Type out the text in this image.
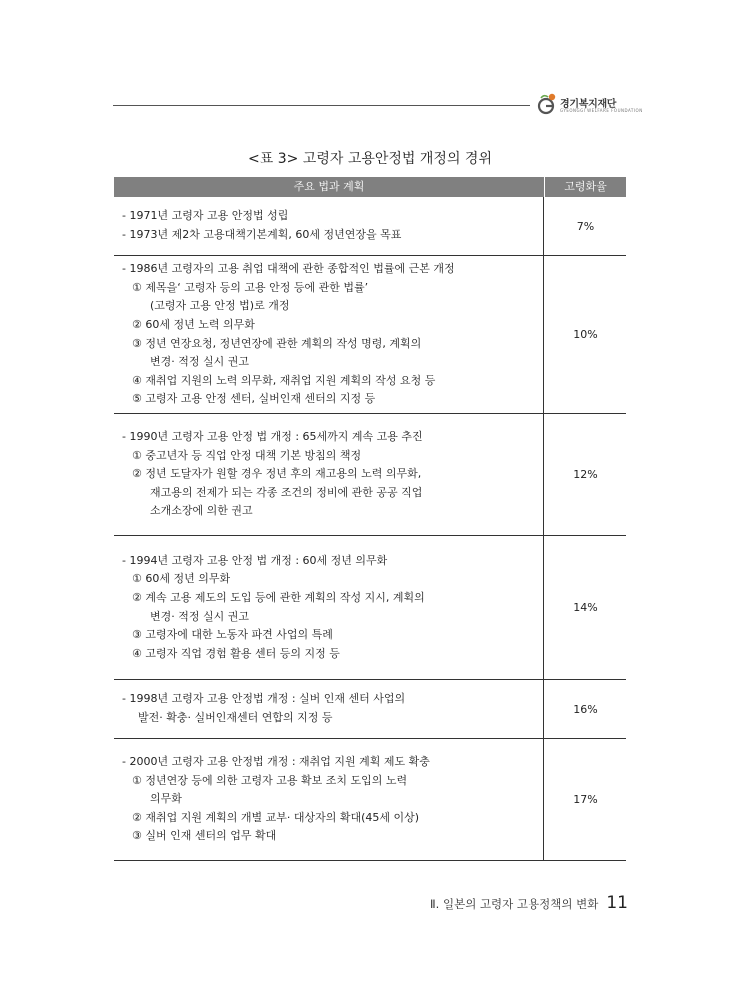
경기복지재단
GYEONGGI WELFARE FOUNDATION
<표 3> 고령자 고용안정법 개정의 경위
주요 법과 계획	고령화율
- 1971년 고령자 고용 안정법 성립
- 1973년 제2차 고용대책기본계획, 60세 정년연장을 목표
7%
- 1986년 고령자의 고용 취업 대책에 관한 종합적인 법률에 근본 개정
① 제목을‘ 고령자 등의 고용 안정 등에 관한 법률’
(고령자 고용 안정 법)로 개정
② 60세 정년 노력 의무화
③ 정년 연장요청, 정년연장에 관한 계획의 작성 명령, 계획의
변경· 적정 실시 권고
④ 재취업 지원의 노력 의무화, 재취업 지원 계획의 작성 요청 등
⑤ 고령자 고용 안정 센터, 실버인재 센터의 지정 등
10%
- 1990년 고령자 고용 안정 법 개정 : 65세까지 계속 고용 추진
① 중고년자 등 직업 안정 대책 기본 방침의 책정
② 정년 도달자가 원할 경우 정년 후의 재고용의 노력 의무화,
재고용의 전제가 되는 각종 조건의 정비에 관한 공공 직업
소개소장에 의한 권고
12%
- 1994년 고령자 고용 안정 법 개정 : 60세 정년 의무화
① 60세 정년 의무화
② 계속 고용 제도의 도입 등에 관한 계획의 작성 지시, 계획의
변경· 적정 실시 권고
③ 고령자에 대한 노동자 파견 사업의 특례
④ 고령자 직업 경험 활용 센터 등의 지정 등
14%
- 1998년 고령자 고용 안정법 개정 : 실버 인재 센터 사업의
발전· 확충· 실버인재센터 연합의 지정 등
16%
- 2000년 고령자 고용 안정법 개정 : 재취업 지원 계획 제도 확충
① 정년연장 등에 의한 고령자 고용 확보 조치 도입의 노력
의무화
② 재취업 지원 계획의 개별 교부· 대상자의 확대(45세 이상)
③ 실버 인재 센터의 업무 확대
17%
Ⅱ. 일본의 고령자 고용정책의 변화 11
